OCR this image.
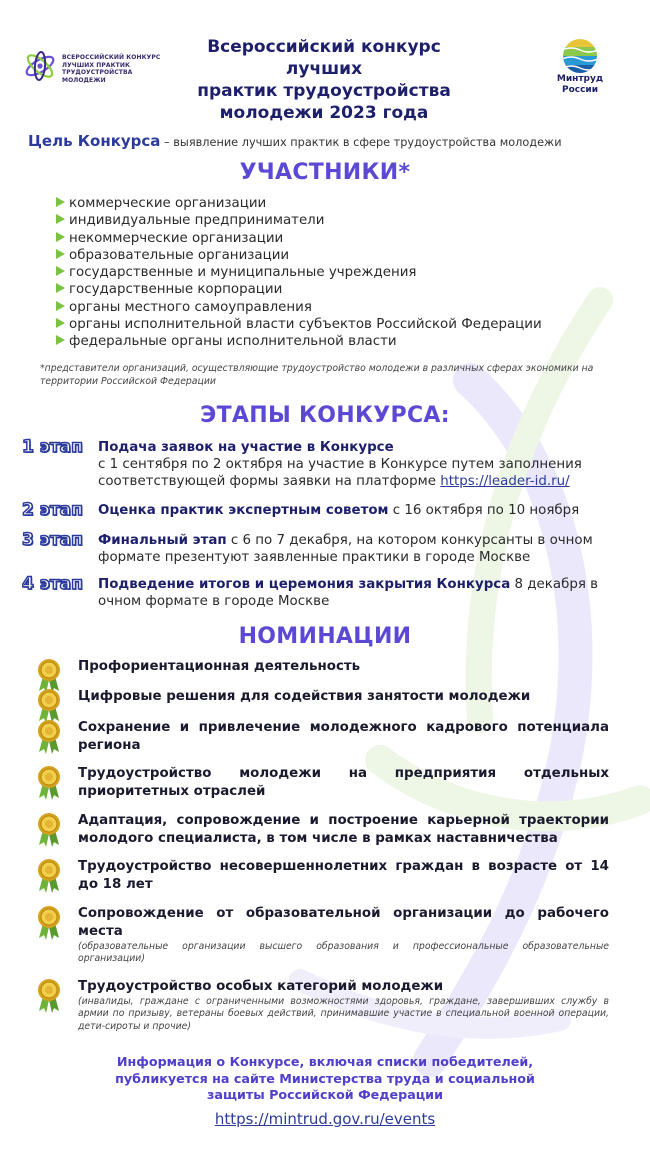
ВСЕРОССИЙСКИЙ КОНКУРС
ЛУЧШИХ ПРАКТИК
ТРУДОУСТРОЙСТВА МОЛОДЕЖИ
Всероссийский конкурс лучших
практик трудоустройства
молодежи 2023 года
Минтруд
России
Цель Конкурса – выявление лучших практик в сфере трудоустройства молодежи
УЧАСТНИКИ*
коммерческие организации
индивидуальные предприниматели
некоммерческие организации
образовательные организации
государственные и муниципальные учреждения
государственные корпорации
органы местного самоуправления
органы исполнительной власти субъектов Российской Федерации
федеральные органы исполнительной власти
*представители организаций, осуществляющие трудоустройство молодежи в различных сферах экономики на территории Российской Федерации
ЭТАПЫ КОНКУРСА:
1 этап	Подача заявок на участие в Конкурсе
с 1 сентября по 2 октября на участие в Конкурсе путем заполнения соответствующей формы заявки на платформе https://leader-id.ru/
2 этап	Оценка практик экспертным советом с 16 октября по 10 ноября
3 этап	Финальный этап с 6 по 7 декабря, на котором конкурсанты в очном формате презентуют заявленные практики в городе Москве
4 этап	Подведение итогов и церемония закрытия Конкурса 8 декабря в очном формате в городе Москве
НОМИНАЦИИ
Профориентационная деятельность
Цифровые решения для содействия занятости молодежи
Сохранение и привлечение молодежного кадрового потенциала региона
Трудоустройство молодежи на предприятия отдельных приоритетных отраслей
Адаптация, сопровождение и построение карьерной траектории молодого специалиста, в том числе в рамках наставничества
Трудоустройство несовершеннолетних граждан в возрасте от 14 до 18 лет
Сопровождение от образовательной организации до рабочего места
(образовательные организации высшего образования и профессиональные образовательные организации)
Трудоустройство особых категорий молодежи
(инвалиды, граждане с ограниченными возможностями здоровья, граждане, завершивших службу в армии по призыву, ветераны боевых действий, принимавшие участие в специальной военной операции, дети-сироты и прочие)
Информация о Конкурсе, включая списки победителей,
публикуется на сайте Министерства труда и социальной
защиты Российской Федерации
https://mintrud.gov.ru/events
